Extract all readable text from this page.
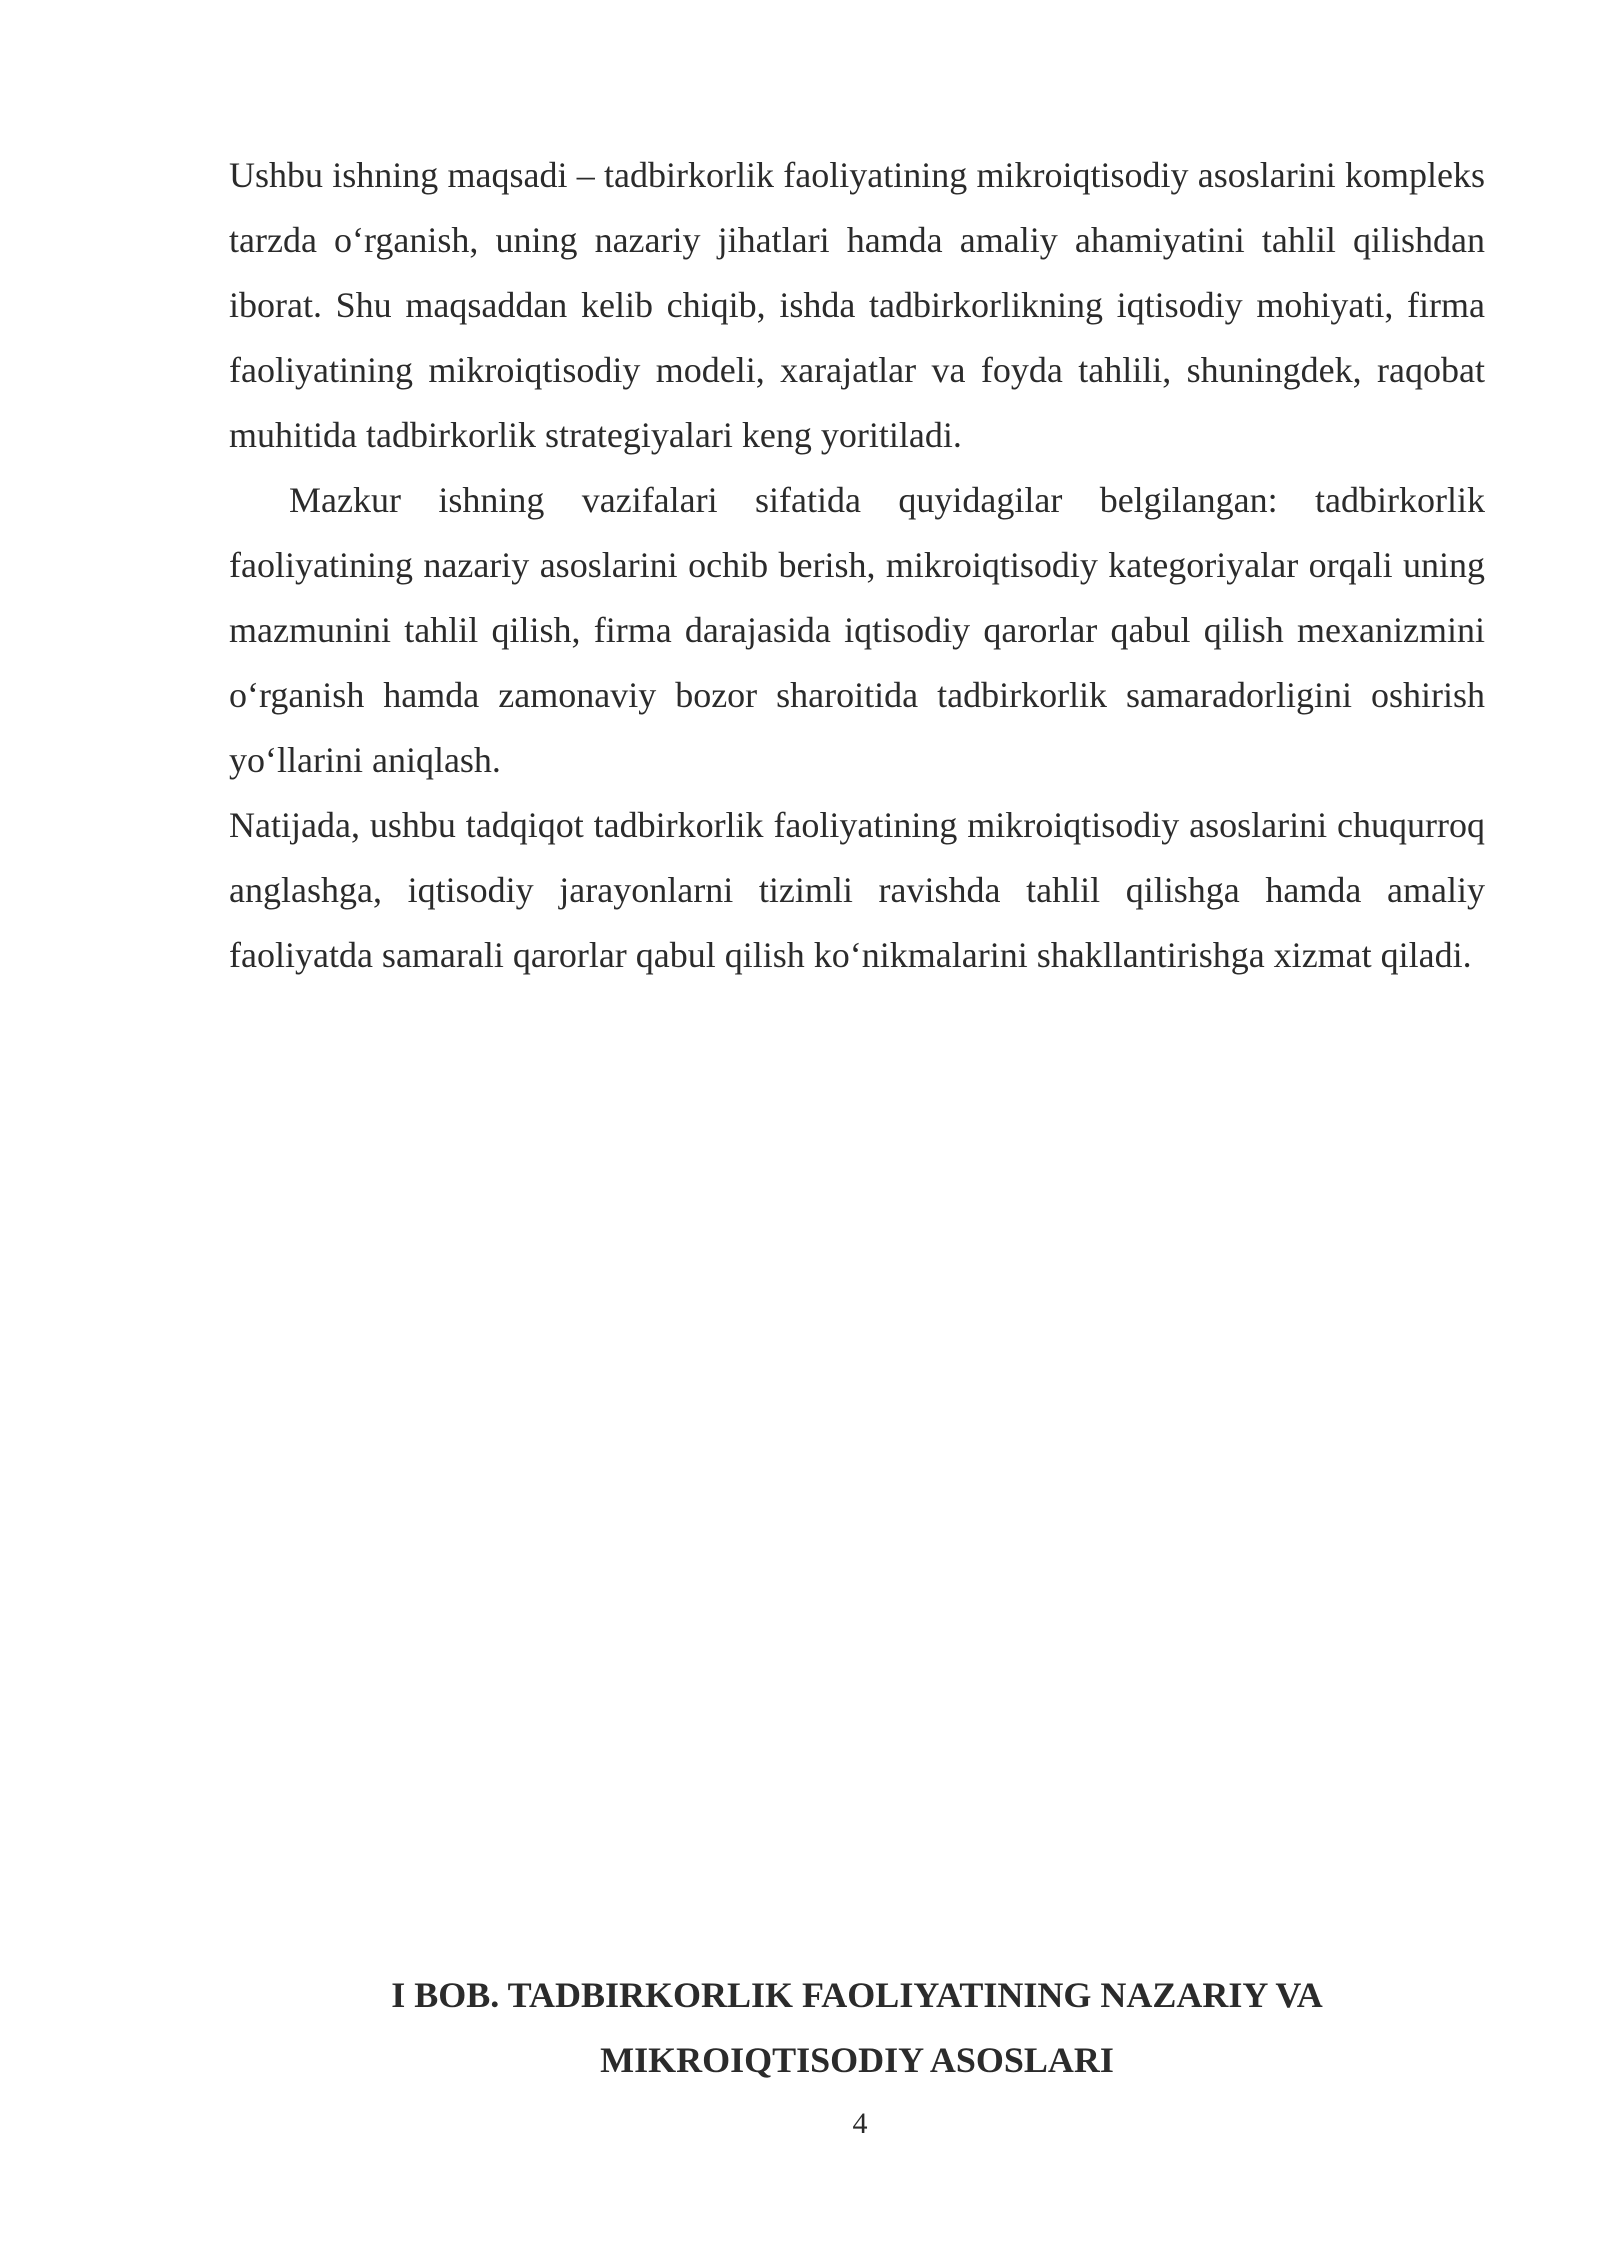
Ushbu ishning maqsadi – tadbirkorlik faoliyatining mikroiqtisodiy asoslarini kompleks tarzda o‘rganish, uning nazariy jihatlari hamda amaliy ahamiyatini tahlil qilishdan iborat. Shu maqsaddan kelib chiqib, ishda tadbirkorlikning iqtisodiy mohiyati, firma faoliyatining mikroiqtisodiy modeli, xarajatlar va foyda tahlili, shuningdek, raqobat muhitida tadbirkorlik strategiyalari keng yoritiladi.

Mazkur ishning vazifalari sifatida quyidagilar belgilangan: tadbirkorlik faoliyatining nazariy asoslarini ochib berish, mikroiqtisodiy kategoriyalar orqali uning mazmunini tahlil qilish, firma darajasida iqtisodiy qarorlar qabul qilish mexanizmini o‘rganish hamda zamonaviy bozor sharoitida tadbirkorlik samaradorligini oshirish yo‘llarini aniqlash.

Natijada, ushbu tadqiqot tadbirkorlik faoliyatining mikroiqtisodiy asoslarini chuqurroq anglashga, iqtisodiy jarayonlarni tizimli ravishda tahlil qilishga hamda amaliy faoliyatda samarali qarorlar qabul qilish ko‘nikmalarini shakllantirishga xizmat qiladi.

I BOB. TADBIRKORLIK FAOLIYATINING NAZARIY VA
MIKROIQTISODIY ASOSLARI
4
